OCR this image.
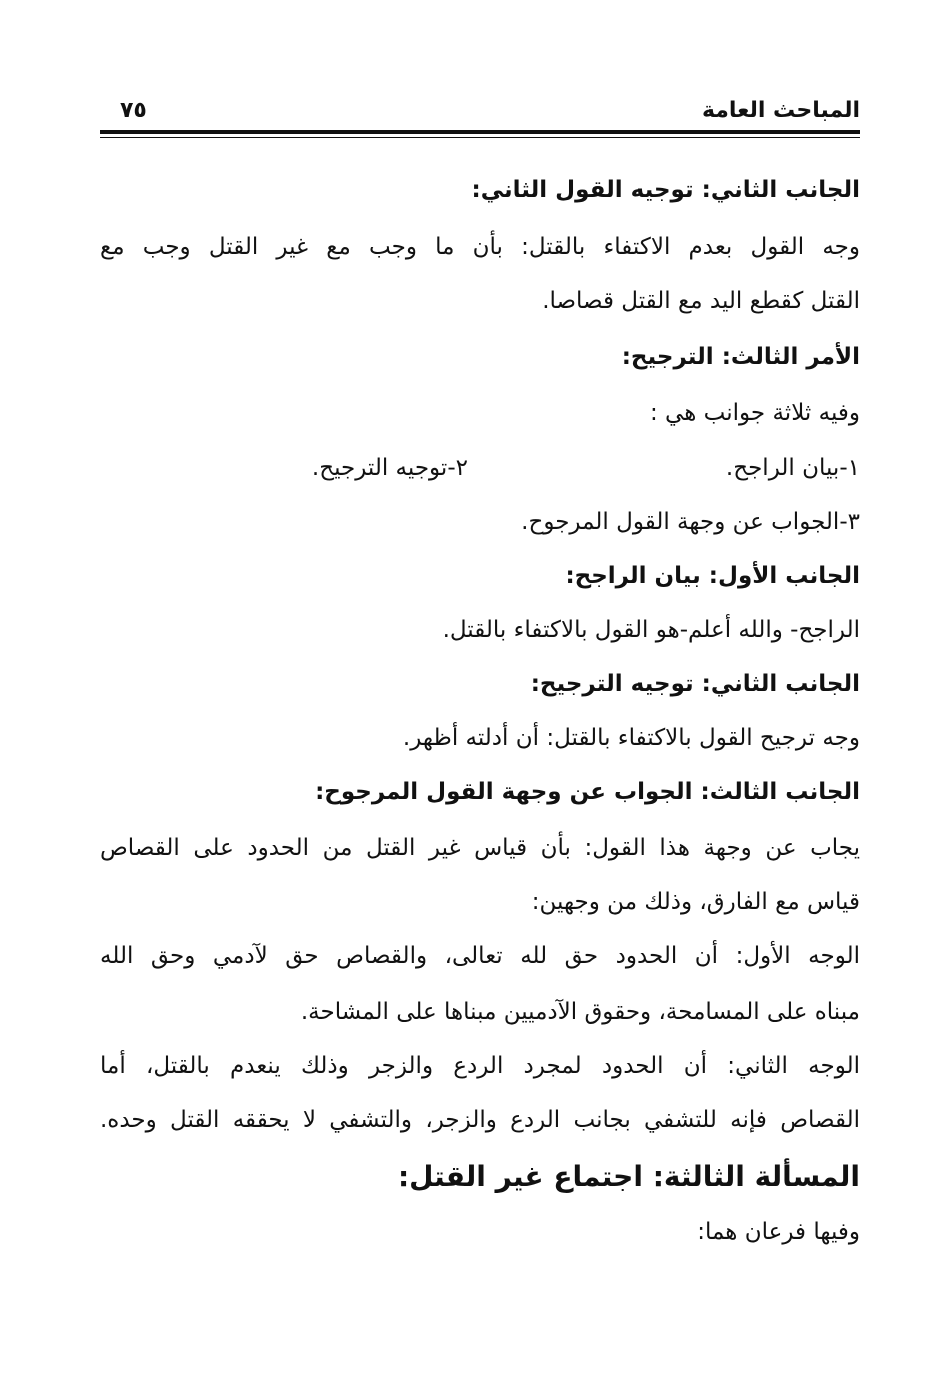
المباحث العامة
٧٥
الجانب الثاني: توجيه القول الثاني:
وجه القول بعدم الاكتفاء بالقتل: بأن ما وجب مع غير القتل وجب مع
القتل كقطع اليد مع القتل قصاصا.
الأمر الثالث: الترجيح:
وفيه ثلاثة جوانب هي :
١-بيان الراجح.
٢-توجيه الترجيح.
٣-الجواب عن وجهة القول المرجوح.
الجانب الأول: بيان الراجح:
الراجح- والله أعلم-هو القول بالاكتفاء بالقتل.
الجانب الثاني: توجيه الترجيح:
وجه ترجيح القول بالاكتفاء بالقتل: أن أدلته أظهر.
الجانب الثالث: الجواب عن وجهة القول المرجوح:
يجاب عن وجهة هذا القول: بأن قياس غير القتل من الحدود على القصاص
قياس مع الفارق، وذلك من وجهين:
الوجه الأول: أن الحدود حق لله تعالى، والقصاص حق لآدمي وحق الله
مبناه على المسامحة، وحقوق الآدميين مبناها على المشاحة.
الوجه الثاني: أن الحدود لمجرد الردع والزجر وذلك ينعدم بالقتل، أما
القصاص فإنه للتشفي بجانب الردع والزجر، والتشفي لا يحققه القتل وحده.
المسألة الثالثة: اجتماع غير القتل:
وفيها فرعان هما:
